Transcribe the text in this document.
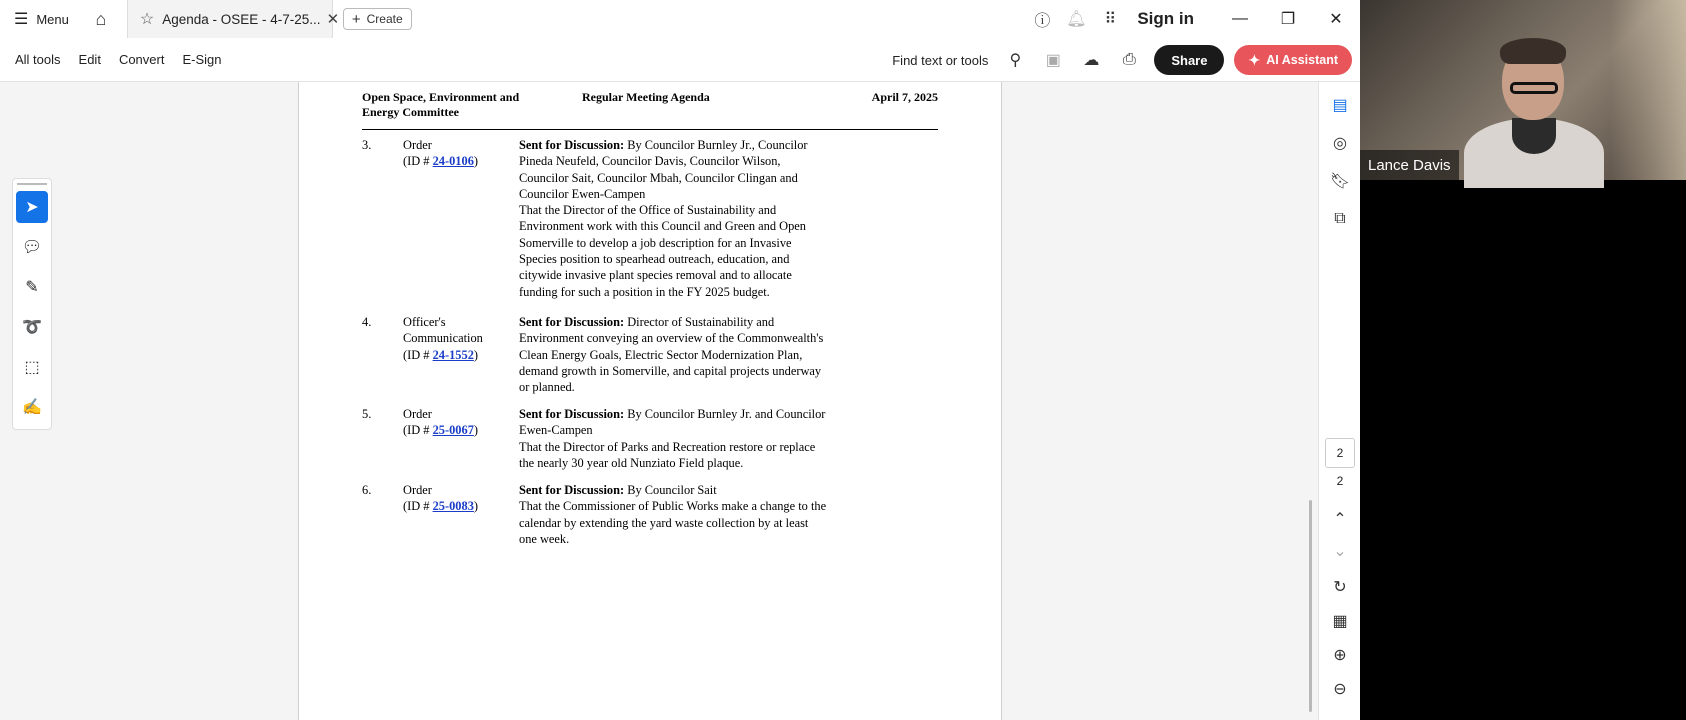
☰ Menu ⌂ ☆ Agenda - OSEE - 4-7-25... ✕ + Create	ⓘ 🔔︎	⠿	Sign in	—	❐	✕
All tools Edit Convert E-Sign	Find text or tools	⚲	▣	☁	⎙	Share	✦ AI Assistant
Open Space, Environment and Energy Committee
Regular Meeting Agenda	April 7, 2025
3.	Order
(ID # 24-0106)
Sent for Discussion: By Councilor Burnley Jr., Councilor Pineda Neufeld, Councilor Davis, Councilor Wilson, Councilor Sait, Councilor Mbah, Councilor Clingan and Councilor Ewen-Campen
That the Director of the Office of Sustainability and Environment work with this Council and Green and Open Somerville to develop a job description for an Invasive Species position to spearhead outreach, education, and citywide invasive plant species removal and to allocate funding for such a position in the FY 2025 budget.
4.	Officer's
Communication
(ID # 24-1552)
Sent for Discussion: Director of Sustainability and Environment conveying an overview of the Commonwealth's Clean Energy Goals, Electric Sector Modernization Plan, demand growth in Somerville, and capital projects underway or planned.
5.	Order
(ID # 25-0067)
Sent for Discussion: By Councilor Burnley Jr. and Councilor Ewen-Campen
That the Director of Parks and Recreation restore or replace the nearly 30 year old Nunziato Field plaque.
6.	Order
(ID # 25-0083)
Sent for Discussion: By Councilor Sait
That the Commissioner of Public Works make a change to the calendar by extending the yard waste collection by at least one week.
➤
💬︎
✎
➰
⬚
✍
▤
◎
🔖︎
⧉
2
2
⌃
⌄
↻
▦
⊕
⊖
Lance Davis
